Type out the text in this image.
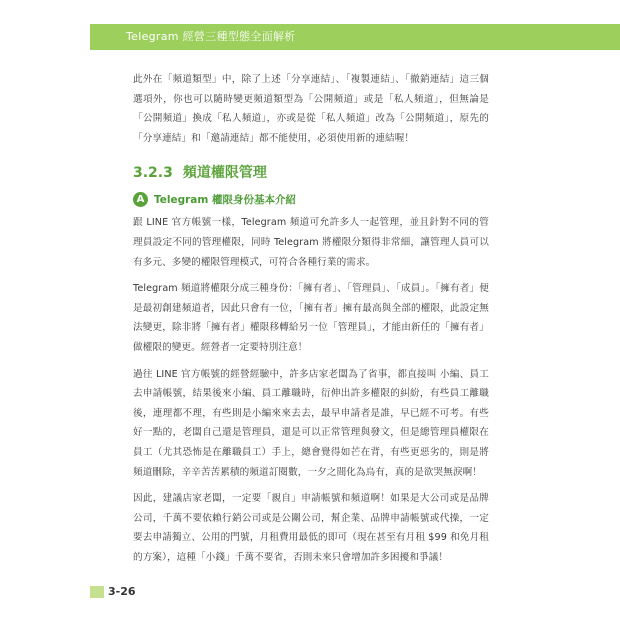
Telegram 經營三種型態全面解析

此外在「頻道類型」中，除了上述「分享連結」、「複製連結」、「撤銷連結」這三個選項外，你也可以隨時變更頻道類型為「公開頻道」或是「私人頻道」，但無論是「公開頻道」換成「私人頻道」，亦或是從「私人頻道」改為「公開頻道」，原先的「分享連結」和「邀請連結」都不能使用，必須使用新的連結喔！

3.2.3 頻道權限管理
A Telegram 權限身份基本介紹

跟 LINE 官方帳號一樣，Telegram 頻道可允許多人一起管理，並且針對不同的管理員設定不同的管理權限，同時 Telegram 將權限分類得非常細，讓管理人員可以有多元、多變的權限管理模式，可符合各種行業的需求。

Telegram 頻道將權限分成三種身份：「擁有者」、「管理員」、「成員」。「擁有者」便是最初創建頻道者，因此只會有一位，「擁有者」擁有最高與全部的權限，此設定無法變更，除非將「擁有者」權限移轉給另一位「管理員」，才能由新任的「擁有者」做權限的變更。經營者一定要特別注意！

過往 LINE 官方帳號的經營經驗中，許多店家老闆為了省事，都直接叫 小編、員工去申請帳號，結果後來小編、員工離職時，衍伸出許多權限的糾紛，有些員工離職後，連理都不理，有些則是小編來來去去，最早申請者是誰，早已經不可考。有些好一點的，老闆自己還是管理員，還是可以正常管理與發文，但是總管理員權限在員工（尤其恐怖是在離職員工）手上，總會覺得如芒在背，有些更惡劣的，則是將頻道刪除，辛辛苦苦累積的頻道訂閱數，一夕之間化為烏有，真的是欲哭無淚啊！

因此，建議店家老闆，一定要「親自」申請帳號和頻道啊！如果是大公司或是品牌公司，千萬不要依賴行銷公司或是公關公司，幫企業、品牌申請帳號或代操，一定要去申請獨立、公用的門號，月租費用最低的即可（現在甚至有月租 $99 和免月租的方案），這種「小錢」千萬不要省，否則未來只會增加許多困擾和爭議！

3-26
